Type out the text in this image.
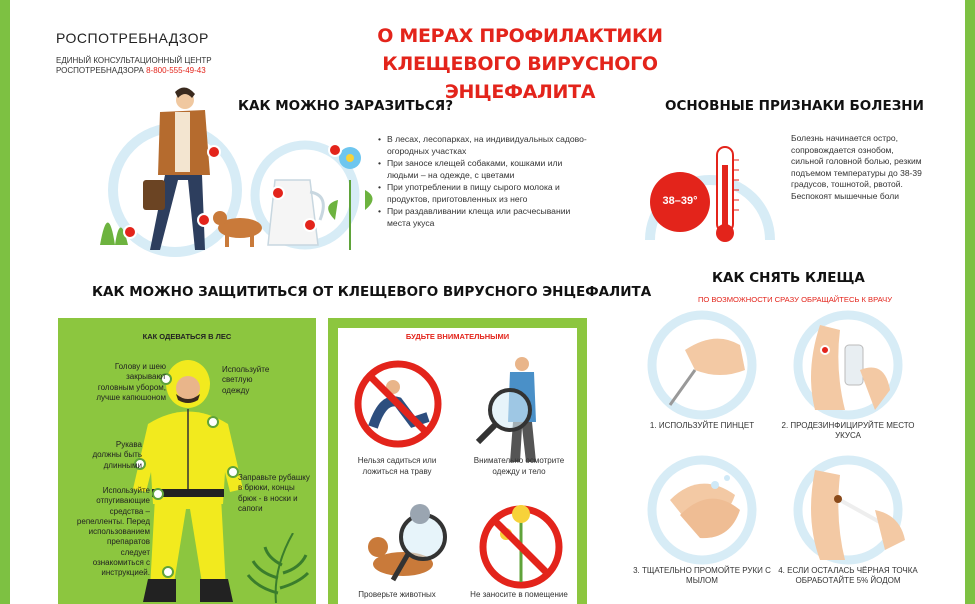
РОСПОТРЕБНАДЗОР
ЕДИНЫЙ КОНСУЛЬТАЦИОННЫЙ ЦЕНТР
РОСПОТРЕБНАДЗОРА 8-800-555-49-43
О МЕРАХ ПРОФИЛАКТИКИ
КЛЕЩЕВОГО ВИРУСНОГО ЭНЦЕФАЛИТА
КАК МОЖНО ЗАРАЗИТЬСЯ?
• В лесах, лесопарках, на индивидуальных садово-огородных участках
• При заносе клещей собаками, кошками или людьми – на одежде, с цветами
• При употреблении в пищу сырого молока и продуктов, приготовленных из него
• При раздавливании клеща или расчесывании места укуса
ОСНОВНЫЕ ПРИЗНАКИ БОЛЕЗНИ
38–39°
Болезнь начинается остро, сопровождается ознобом, сильной головной болью, резким подъемом температуры до 38-39 градусов, тошнотой, рвотой. Беспокоят мышечные боли
КАК СНЯТЬ КЛЕЩА
ПО ВОЗМОЖНОСТИ СРАЗУ ОБРАЩАЙТЕСЬ К ВРАЧУ
1. ИСПОЛЬЗУЙТЕ ПИНЦЕТ	2. ПРОДЕЗИНФИЦИРУЙТЕ МЕСТО УКУСА
3. ТЩАТЕЛЬНО ПРОМОЙТЕ РУКИ С МЫЛОМ
4. ЕСЛИ ОСТАЛАСЬ ЧЁРНАЯ ТОЧКА ОБРАБОТАЙТЕ 5% ЙОДОМ
КАК МОЖНО ЗАЩИТИТЬСЯ ОТ КЛЕЩЕВОГО ВИРУСНОГО ЭНЦЕФАЛИТА
КАК ОДЕВАТЬСЯ В ЛЕС
Голову и шею закрывают головным убором, лучше капюшоном
Используйте светлую одежду
Рукава должны быть длинными
Заправьте рубашку в брюки, концы брюк - в носки и сапоги
Используйте отпугивающие средства – репелленты. Перед использованием препаратов следует ознакомиться с инструкцией.
БУДЬТЕ ВНИМАТЕЛЬНЫМИ
Нельзя садиться или ложиться на траву
Внимательно осмотрите одежду и тело
Проверьте животных	Не заносите в помещение
